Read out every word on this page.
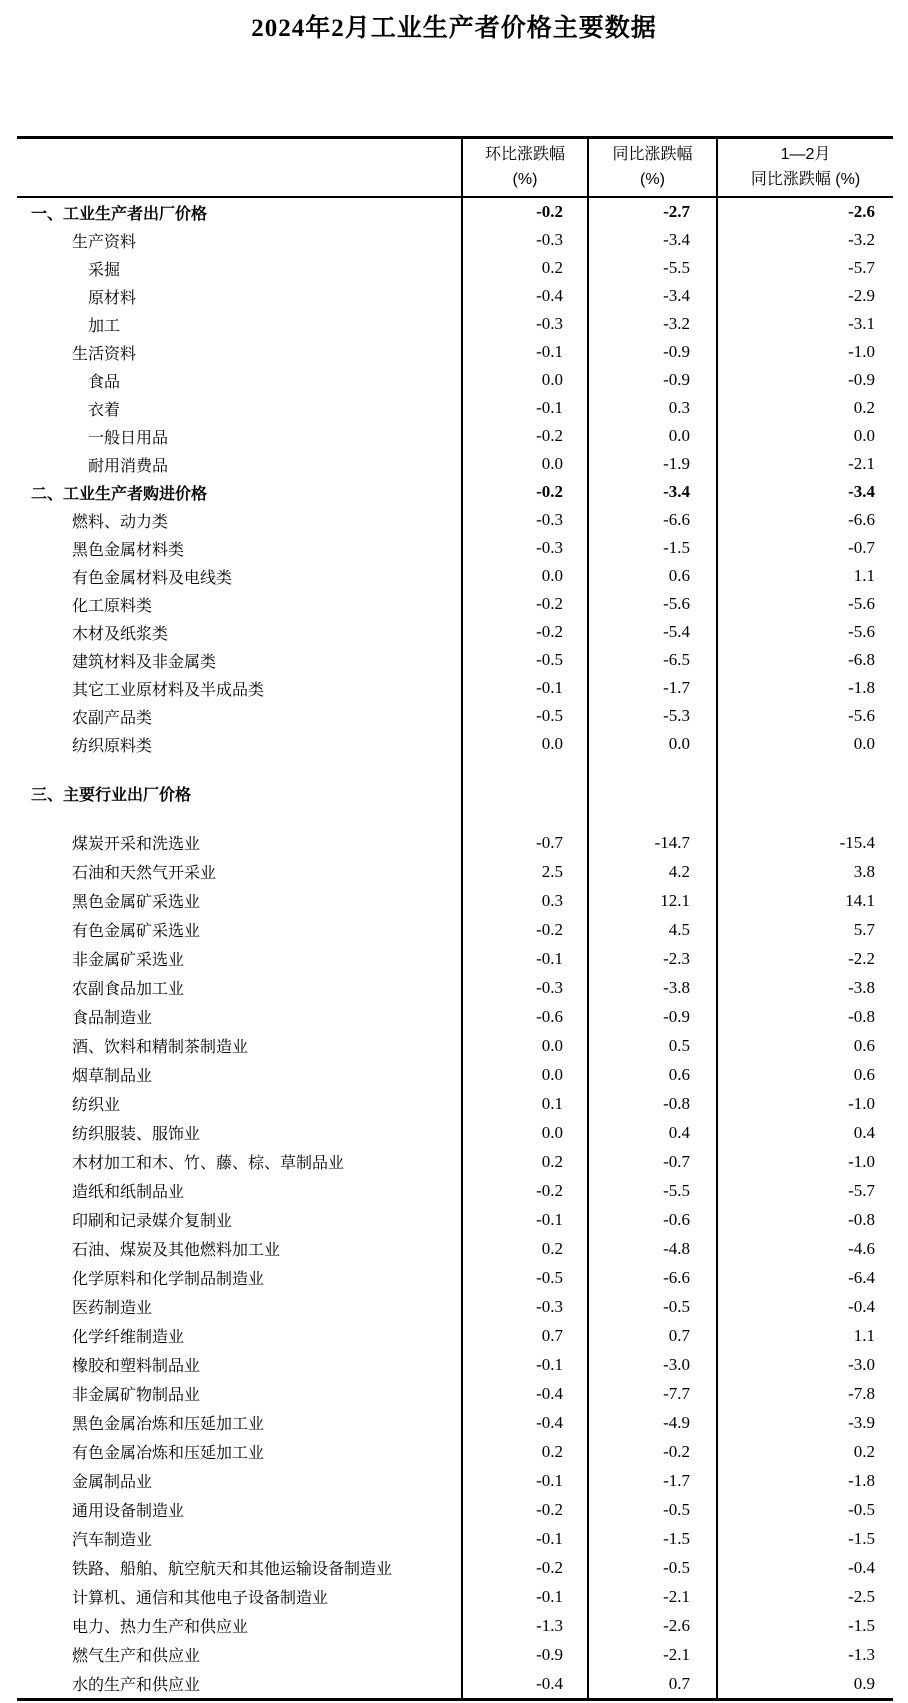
2024年2月工业生产者价格主要数据

环比涨跌幅
(%)

同比涨跌幅
(%)

1—2月
同比涨跌幅 (%)

一、工业生产者出厂价格	-0.2	-2.7	-2.6
生产资料	-0.3	-3.4	-3.2
采掘	0.2	-5.5	-5.7
原材料	-0.4	-3.4	-2.9
加工	-0.3	-3.2	-3.1
生活资料	-0.1	-0.9	-1.0
食品	0.0	-0.9	-0.9
衣着	-0.1	0.3	0.2
一般日用品	-0.2	0.0	0.0
耐用消费品	0.0	-1.9	-2.1
二、工业生产者购进价格	-0.2	-3.4	-3.4
燃料、动力类	-0.3	-6.6	-6.6
黑色金属材料类	-0.3	-1.5	-0.7
有色金属材料及电线类	0.0	0.6	1.1
化工原料类	-0.2	-5.6	-5.6
木材及纸浆类	-0.2	-5.4	-5.6
建筑材料及非金属类	-0.5	-6.5	-6.8
其它工业原材料及半成品类	-0.1	-1.7	-1.8
农副产品类	-0.5	-5.3	-5.6
纺织原料类	0.0	0.0	0.0
三、主要行业出厂价格			
煤炭开采和洗选业	-0.7	-14.7	-15.4
石油和天然气开采业	2.5	4.2	3.8
黑色金属矿采选业	0.3	12.1	14.1
有色金属矿采选业	-0.2	4.5	5.7
非金属矿采选业	-0.1	-2.3	-2.2
农副食品加工业	-0.3	-3.8	-3.8
食品制造业	-0.6	-0.9	-0.8
酒、饮料和精制茶制造业	0.0	0.5	0.6
烟草制品业	0.0	0.6	0.6
纺织业	0.1	-0.8	-1.0
纺织服装、服饰业	0.0	0.4	0.4
木材加工和木、竹、藤、棕、草制品业	0.2	-0.7	-1.0
造纸和纸制品业	-0.2	-5.5	-5.7
印刷和记录媒介复制业	-0.1	-0.6	-0.8
石油、煤炭及其他燃料加工业	0.2	-4.8	-4.6
化学原料和化学制品制造业	-0.5	-6.6	-6.4
医药制造业	-0.3	-0.5	-0.4
化学纤维制造业	0.7	0.7	1.1
橡胶和塑料制品业	-0.1	-3.0	-3.0
非金属矿物制品业	-0.4	-7.7	-7.8
黑色金属冶炼和压延加工业	-0.4	-4.9	-3.9
有色金属冶炼和压延加工业	0.2	-0.2	0.2
金属制品业	-0.1	-1.7	-1.8
通用设备制造业	-0.2	-0.5	-0.5
汽车制造业	-0.1	-1.5	-1.5
铁路、船舶、航空航天和其他运输设备制造业	-0.2	-0.5	-0.4
计算机、通信和其他电子设备制造业	-0.1	-2.1	-2.5
电力、热力生产和供应业	-1.3	-2.6	-1.5
燃气生产和供应业	-0.9	-2.1	-1.3
水的生产和供应业	-0.4	0.7	0.9
